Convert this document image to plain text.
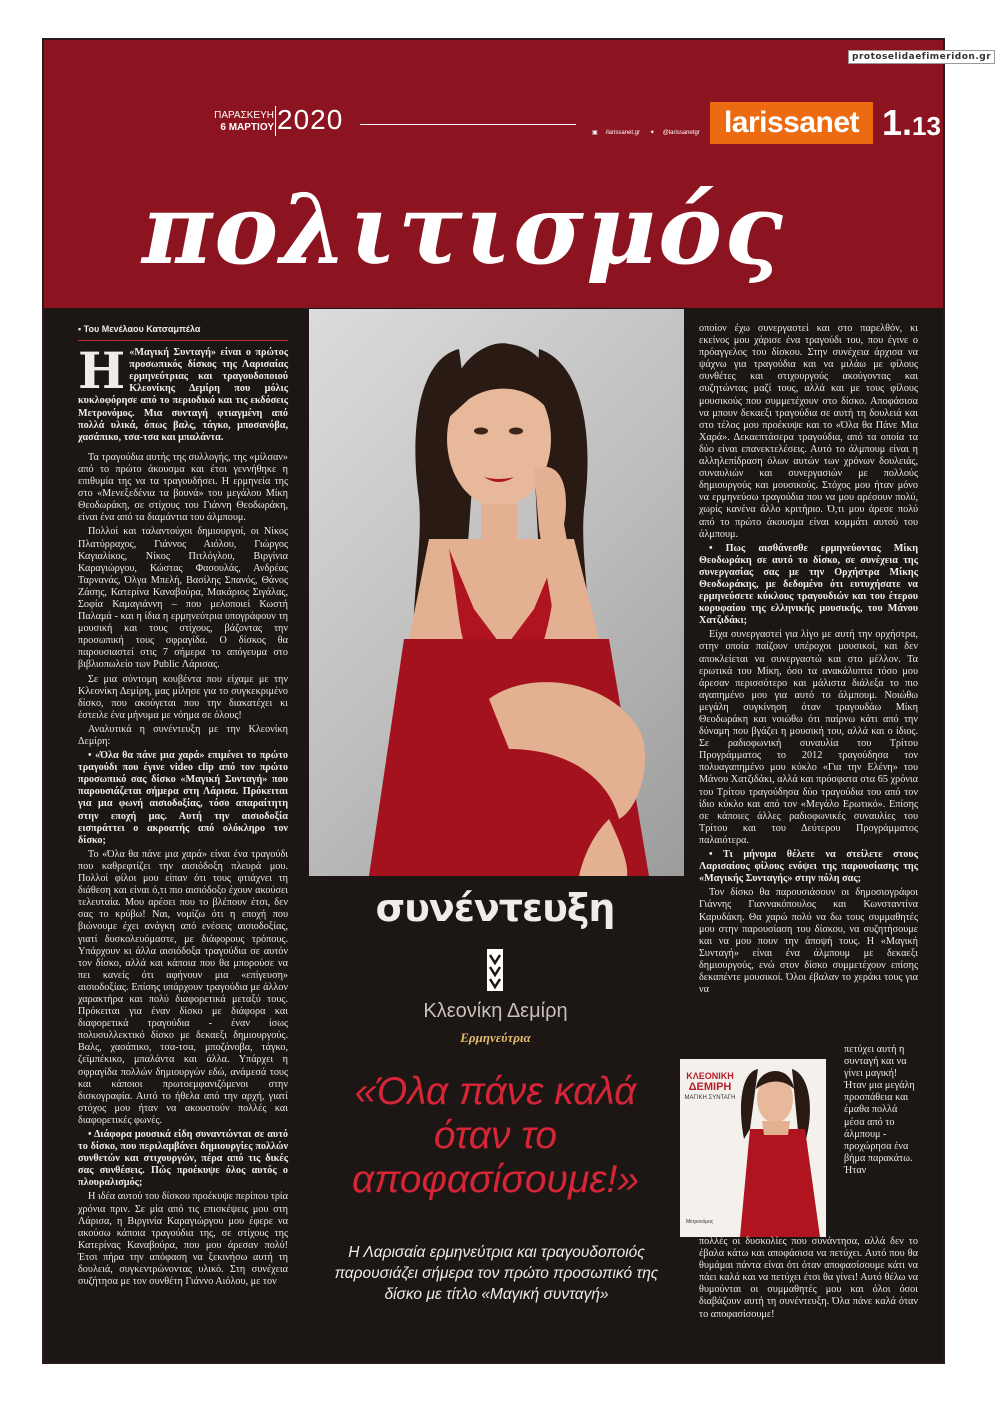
ΠΑΡΑΣΚΕΥΗ
6 ΜΑΡΤΙΟΥ 2020	▣ /larissanet.gr ✦ @larissanetgr larissanet 1.13
πολιτισμός

• Του Μενέλαου Κατσαμπέλα

Η «Μαγική Συνταγή» είναι ο πρώτος προσωπικός δίσκος της Λαρισαίας ερμηνεύτριας και τραγουδοποιού Κλεονίκης Δεμίρη που μόλις κυκλοφόρησε από το περιοδικό και τις εκδόσεις Μετρονόμος. Μια συνταγή φτιαγμένη από πολλά υλικά, όπως βαλς, τάγκο, μποσανόβα, χασάπικο, τσα-τσα και μπαλάντα.

Τα τραγούδια αυτής της συλλογής, της «μίλσαν» από το πρώτο άκουσμα και έτσι γεννήθηκε η επιθυμία της να τα τραγουδήσει. Η ερμηνεία της στο «Μενεξεδένια τα βουνά» του μεγάλου Μίκη Θεοδωράκη, σε στίχους του Γιάννη Θεοδωράκη, είναι ένα από τα διαμάντια του άλμπουμ.

Πολλοί και ταλαντούχοι δημιουργοί, οι Νίκος Πλατύρραχος, Γιάννος Αιόλου, Γιώργος Καγιαλίκος, Νίκος Πιτλόγλου, Βιργίνια Καραγιώργου, Κώστας Φασουλάς, Ανδρέας Ταρνανάς, Όλγα Μπελή, Βασίλης Σπανός, Θάνος Ζάσης, Κατερίνα Καναβούρα, Μακάριος Σιγάλας, Σοφία Καμαγιάννη – που μελοποιεί Κωστή Παλαμά - και η ίδια η ερμηνεύτρια υπογράφουν τη μουσική και τους στίχους, βάζοντας την προσωπική τους σφραγίδα. Ο δίσκος θα παρουσιαστεί στις 7 σήμερα το απόγευμα στο βιβλιοπωλείο των Public Λάρισας.

Σε μια σύντομη κουβέντα που είχαμε με την Κλεονίκη Δεμίρη, μας μίλησε για το συγκεκριμένο δίσκο, που ακούγεται που την διακατέχει κι έστειλε ένα μήνυμα με νόημα σε όλους!

Αναλυτικά η συνέντευξη με την Κλεονίκη Δεμίρη:

• «Όλα θα πάνε μια χαρά» επιμένει το πρώτο τραγούδι που έγινε video clip από τον πρώτο προσωπικό σας δίσκο «Μαγική Συνταγή» που παρουσιάζεται σήμερα στη Λάρισα. Πρόκειται για μια φωνή αισιοδοξίας, τόσο απαραίτητη στην εποχή μας. Αυτή την αισιοδοξία εισπράττει ο ακροατής από ολόκληρο τον δίσκο;

Το «Όλα θα πάνε μια χαρά» είναι ένα τραγούδι που καθρεφτίζει την αισιόδοξη πλευρά μου. Πολλοί φίλοι μου είπαν ότι τους φτιάχνει τη διάθεση και είναι ό,τι πιο αισιόδοξο έχουν ακούσει τελευταία. Μου αρέσει που το βλέπουν έτσι, δεν σας το κρύβω! Ναι, νομίζω ότι η εποχή που βιώνουμε έχει ανάγκη από ενέσεις αισιοδοξίας, γιατί δυσκολευόμαστε, με διάφορους τρόπους. Υπάρχουν κι άλλα αισιόδοξα τραγούδια σε αυτόν τον δίσκο, αλλά και κάποια που θα μπορούσε να πει κανείς ότι αφήνουν μια «επίγευση» αισιοδοξίας. Επίσης υπάρχουν τραγούδια με άλλον χαρακτήρα και πολύ διαφορετικά μεταξύ τους. Πρόκειται για έναν δίσκο με διάφορα και διαφορετικά τραγούδια - έναν ίσως πολυσυλλεκτικό δίσκο με δεκαεξι δημιουργούς. Βαλς, χασάπικο, τσα-τσα, μποζάνοβα, τάγκο, ζεϊμπέκικο, μπαλάντα και άλλα. Υπάρχει η σφραγίδα πολλών δημιουργών εδώ, ανάμεσά τους και κάποιοι πρωτοεμφανιζόμενοι στην δισκογραφία. Αυτό το ήθελα από την αρχή, γιατί στόχος μου ήταν να ακουστούν πολλές και διαφορετικές φωνές.

• Διάφορα μουσικά είδη συναντώνται σε αυτό το δίσκο, που περιλαμβάνει δημιουργίες πολλών συνθετών και στιχουργών, πέρα από τις δικές σας συνθέσεις. Πώς προέκυψε όλος αυτός ο πλουραλισμός;

Η ιδέα αυτού του δίσκου προέκυψε περίπου τρία χρόνια πριν. Σε μία από τις επισκέψεις μου στη Λάρισα, η Βιργινία Καραγιώργου μου έφερε να ακούσω κάποια τραγούδια της, σε στίχους της Κατερίνας Καναβούρα, που μου άρεσαν πολύ! Έτσι πήρα την απόφαση να ξεκινήσω αυτή τη δουλειά, συγκεντρώνοντας υλικό. Στη συνέχεια συζήτησα με τον συνθέτη Γιάννο Αιόλου, με τον

οποίον έχω συνεργαστεί και στο παρελθόν, κι εκείνος μου χάρισε ένα τραγούδι του, που έγινε ο πρόαγγελος του δίσκου. Στην συνέχεια άρχισα να ψάχνω για τραγούδια και να μιλάω με φίλους συνθέτες και στιχουργούς ακούγοντας και συζητώντας μαζί τους, αλλά και με τους φίλους μουσικούς που συμμετέχουν στο δίσκο. Αποφάσισα να μπουν δεκαεξι τραγούδια σε αυτή τη δουλειά και στο τέλος μου προέκυψε και το «Όλα θα Πάνε Μια Χαρά». Δεκαεπτάσερα τραγούδια, από τα οποία τα δύο είναι επανεκτελέσεις. Αυτό το άλμπουμ είναι η αλληλεπίδραση όλων αυτών των χρόνων δουλειάς, συναυλιών και συνεργασιών με πολλούς δημιουργούς και μουσικούς. Στόχος μου ήταν μόνο να ερμηνεύσω τραγούδια που να μου αρέσουν πολύ, χωρίς κανένα άλλο κριτήριο. Ό,τι μου άρεσε πολύ από το πρώτο άκουσμα είναι κομμάτι αυτού του άλμπουμ.

• Πως αισθάνεσθε ερμηνεύοντας Μίκη Θεοδωράκη σε αυτό το δίσκο, σε συνέχεια της συνεργασίας σας με την Ορχήστρα Μίκης Θεοδωράκης, με δεδομένο ότι ευτυχήσατε να ερμηνεύσετε κύκλους τραγουδιών και του έτερου κορυφαίου της ελληνικής μουσικής, του Μάνου Χατζιδάκι;

Είχα συνεργαστεί για λίγο με αυτή την ορχήστρα, στην οποία παίζουν υπέροχοι μουσικοί, και δεν αποκλείεται να συνεργαστώ και στο μέλλον. Τα ερωτικά του Μίκη, όσο τα ανακάλυπτα τόσο μου άρεσαν περισσότερο και μάλιστα διάλεξα το πιο αγαπημένο μου για αυτό το άλμπουμ. Νοιώθω μεγάλη συγκίνηση όταν τραγουδάω Μίκη Θεοδωράκη και νοιώθω ότι παίρνω κάτι από την δύναμη που βγάζει η μουσική του, αλλά και ο ίδιος. Σε ραδιοφωνική συναυλία του Τρίτου Προγράμματος το 2012 τραγούδησα τον πολυαγαπημένο μου κύκλο «Για την Ελένη» του Μάνου Χατζιδάκι, αλλά και πρόσφατα στα 65 χρόνια του Τρίτου τραγούδησα δύο τραγούδια του από τον ίδιο κύκλο και από τον «Μεγάλο Ερωτικό». Επίσης σε κάποιες άλλες ραδιοφωνικές συναυλίες του Τρίτου και του Δεύτερου Προγράμματος παλαιότερα.

• Τι μήνυμα θέλετε να στείλετε στους Λαρισαίους φίλους ενόψει της παρουσίασης της «Μαγικής Συνταγής» στην πόλη σας;

Τον δίσκο θα παρουσιάσουν οι δημοσιογράφοι Γιάννης Γιαννακόπουλος και Κωνσταντίνα Καρυδάκη. Θα χαρώ πολύ να δω τους συμμαθητές μου στην παρουσίαση του δίσκου, να συζητήσουμε και να μου πουν την άποψή τους. Η «Μαγική Συνταγή» είναι ένα άλμπουμ με δεκαεξι δημιουργούς, ενώ στον δίσκο συμμετέχουν επίσης δεκαπέντε μουσικοί. Όλοι έβαλαν το χεράκι τους για να

συνέντευξη
Κλεονίκη Δεμίρη
Ερμηνεύτρια
«Όλα πάνε καλά όταν το αποφασίσουμε!»
Η Λαρισαία ερμηνεύτρια και τραγουδοποιός παρουσιάζει σήμερα τον πρώτο προσωπικό της δίσκο με τίτλο «Μαγική συνταγή»
ΚΛΕΟΝΙΚΗ
ΔΕΜΙΡΗ
ΜΑΓΙΚΗ ΣΥΝΤΑΓΗ
Μετρονόμος

πετύχει αυτή η συνταγή και να γίνει μαγική! Ήταν μια μεγάλη προσπάθεια και έμαθα πολλά μέσα από το άλμπουμ - προχώρησα ένα βήμα παρακάτω. Ήταν

πολλές οι δυσκολίες που συνάντησα, αλλά δεν το έβαλα κάτω και αποφάσισα να πετύχει. Αυτό που θα θυμάμαι πάντα είναι ότι όταν αποφασίσουμε κάτι να πάει καλά και να πετύχει έτσι θα γίνει! Αυτό θέλω να θυμούνται οι συμμαθητές μου και όλοι όσοι διαβάζουν αυτή τη συνέντευξη. Όλα πάνε καλά όταν το αποφασίσουμε!

protoselidaefimeridon.gr
